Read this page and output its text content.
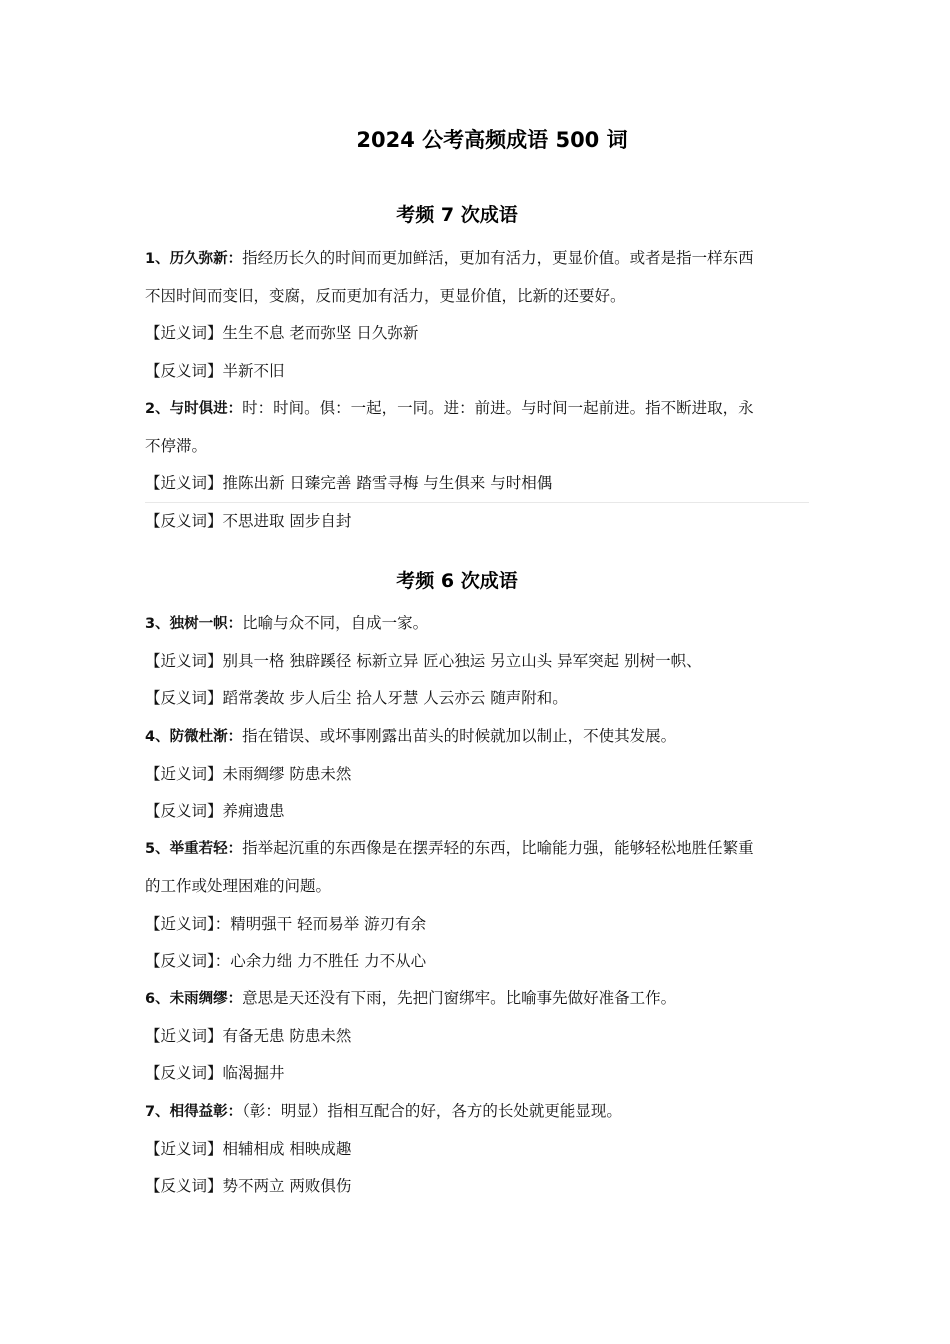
2024 公考高频成语 500 词
考频 7 次成语

1、历久弥新：指经历长久的时间而更加鲜活，更加有活力，更显价值。或者是指一样东西

不因时间而变旧，变腐，反而更加有活力，更显价值，比新的还要好。

【近义词】生生不息 老而弥坚 日久弥新

【反义词】半新不旧

2、与时俱进：时：时间。俱：一起，一同。进：前进。与时间一起前进。指不断进取，永

不停滞。

【近义词】推陈出新 日臻完善 踏雪寻梅 与生俱来 与时相偶

【反义词】不思进取 固步自封

考频 6 次成语

3、独树一帜：比喻与众不同，自成一家。

【近义词】别具一格 独辟蹊径 标新立异 匠心独运 另立山头 异军突起 别树一帜、

【反义词】蹈常袭故 步人后尘 拾人牙慧 人云亦云 随声附和。

4、防微杜渐：指在错误、或坏事刚露出苗头的时候就加以制止，不使其发展。

【近义词】未雨绸缪 防患未然

【反义词】养痈遗患

5、举重若轻：指举起沉重的东西像是在摆弄轻的东西，比喻能力强，能够轻松地胜任繁重

的工作或处理困难的问题。

【近义词】：精明强干 轻而易举 游刃有余

【反义词】：心余力绌 力不胜任 力不从心

6、未雨绸缪：意思是天还没有下雨，先把门窗绑牢。比喻事先做好准备工作。

【近义词】有备无患 防患未然

【反义词】临渴掘井

7、相得益彰：（彰：明显）指相互配合的好，各方的长处就更能显现。

【近义词】相辅相成 相映成趣

【反义词】势不两立 两败俱伤
